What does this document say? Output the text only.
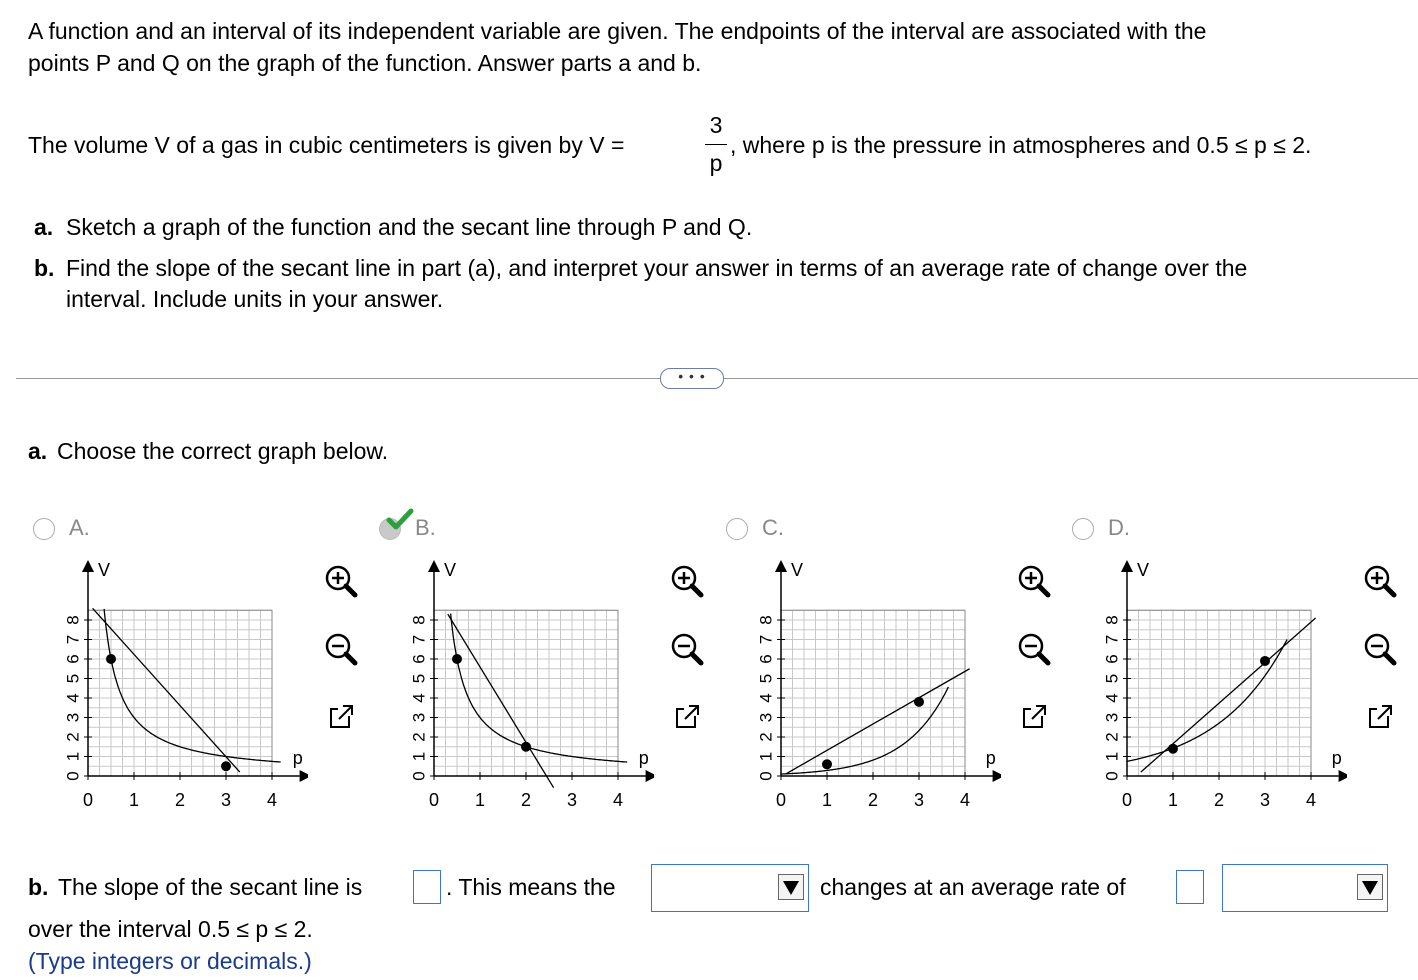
A function and an interval of its independent variable are given. The endpoints of the interval are associated with the
points P and Q on the graph of the function. Answer parts a and b.
The volume V of a gas in cubic centimeters is given by V =
3
p
, where p is the pressure in atmospheres and 0.5 ≤ p ≤ 2.
a. Sketch a graph of the function and the secant line through P and Q.
b. Find the slope of the secant line in part (a), and interpret your answer in terms of an average rate of change over the
interval. Include units in your answer.
• • •
a. Choose the correct graph below.
A.	B.	C.	D.
0 1 2 3 4
8
7
6
5
4
3
2
1
0
V
p
0 1 2 3 4
8
7
6
5
4
3
2
1
0
V
p
0 1 2 3 4
8
7
6
5
4
3
2
1
0
V
p
0 1 2 3 4
8
7
6
5
4
3
2
1
0
V
p
b. The slope of the secant line is	. This means the	changes at an average rate of
over the interval 0.5 ≤ p ≤ 2.
(Type integers or decimals.)
